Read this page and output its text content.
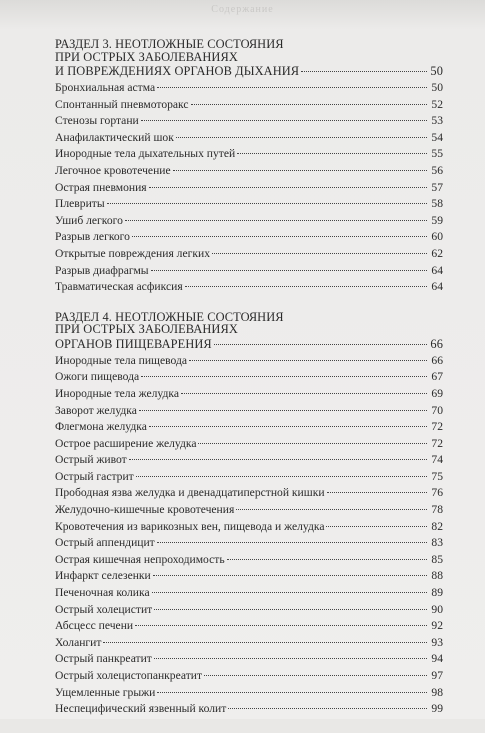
Содержание
РАЗДЕЛ 3. НЕОТЛОЖНЫЕ СОСТОЯНИЯ
ПРИ ОСТРЫХ ЗАБОЛЕВАНИЯХ
И ПОВРЕЖДЕНИЯХ ОРГАНОВ ДЫХАНИЯ	50
Бронхиальная астма	50
Спонтанный пневмоторакс	52
Стенозы гортани	53
Анафилактический шок	54
Инородные тела дыхательных путей	55
Легочное кровотечение	56
Острая пневмония	57
Плевриты	58
Ушиб легкого	59
Разрыв легкого	60
Открытые повреждения легких	62
Разрыв диафрагмы	64
Травматическая асфиксия	64
РАЗДЕЛ 4. НЕОТЛОЖНЫЕ СОСТОЯНИЯ
ПРИ ОСТРЫХ ЗАБОЛЕВАНИЯХ
ОРГАНОВ ПИЩЕВАРЕНИЯ	66
Инородные тела пищевода	66
Ожоги пищевода	67
Инородные тела желудка	69
Заворот желудка	70
Флегмона желудка	72
Острое расширение желудка	72
Острый живот	74
Острый гастрит	75
Прободная язва желудка и двенадцатиперстной кишки	76
Желудочно-кишечные кровотечения	78
Кровотечения из варикозных вен, пищевода и желудка	82
Острый аппендицит	83
Острая кишечная непроходимость	85
Инфаркт селезенки	88
Печеночная колика	89
Острый холецистит	90
Абсцесс печени	92
Холангит	93
Острый панкреатит	94
Острый холецистопанкреатит	97
Ущемленные грыжи	98
Неспецифический язвенный колит	99
